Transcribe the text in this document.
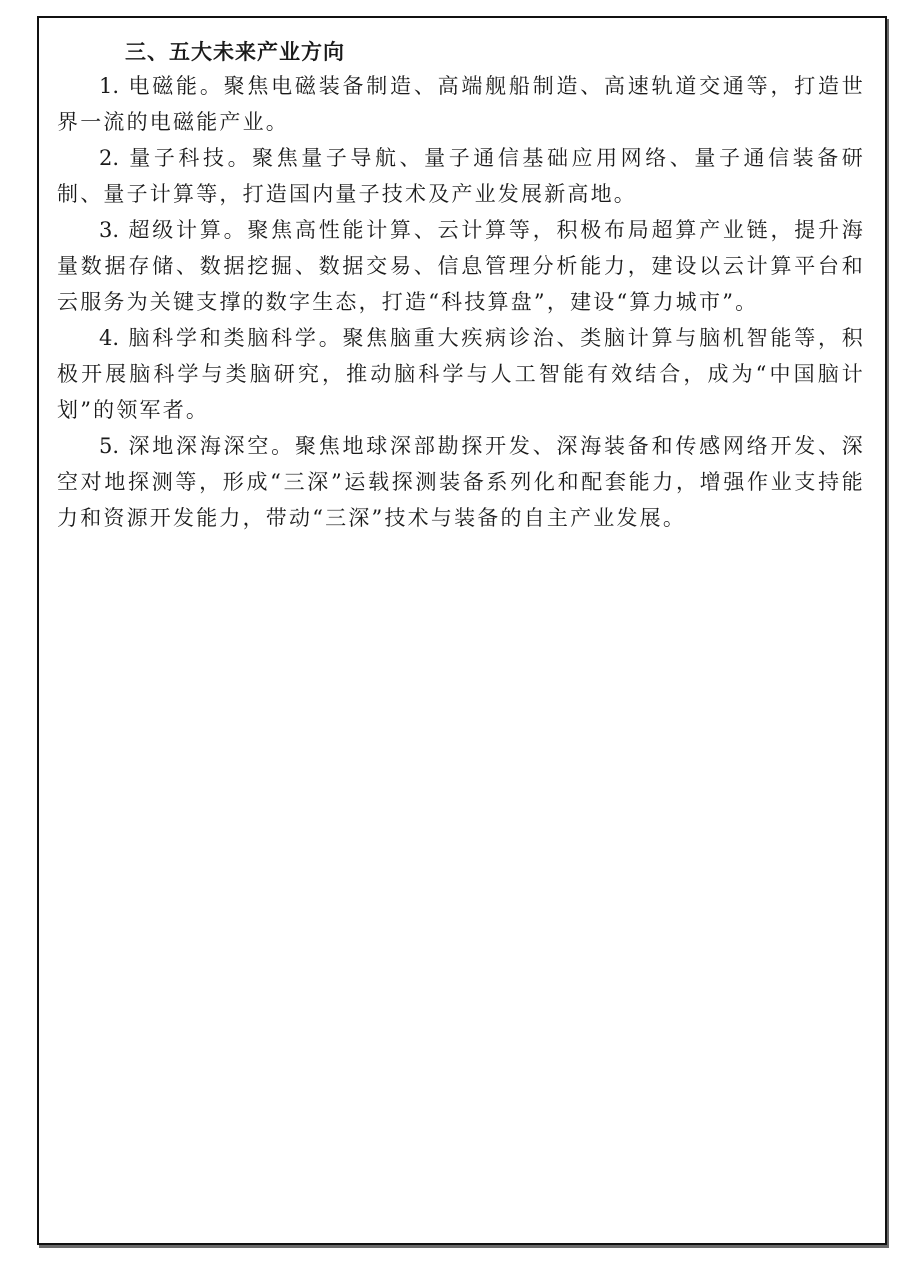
三、五大未来产业方向

1. 电磁能。聚焦电磁装备制造、高端舰船制造、高速轨道交通等，打造世界一流的电磁能产业。

2. 量子科技。聚焦量子导航、量子通信基础应用网络、量子通信装备研制、量子计算等，打造国内量子技术及产业发展新高地。

3. 超级计算。聚焦高性能计算、云计算等，积极布局超算产业链，提升海量数据存储、数据挖掘、数据交易、信息管理分析能力，建设以云计算平台和云服务为关键支撑的数字生态，打造“科技算盘”，建设“算力城市”。

4. 脑科学和类脑科学。聚焦脑重大疾病诊治、类脑计算与脑机智能等，积极开展脑科学与类脑研究，推动脑科学与人工智能有效结合，成为“中国脑计划”的领军者。

5. 深地深海深空。聚焦地球深部勘探开发、深海装备和传感网络开发、深空对地探测等，形成“三深”运载探测装备系列化和配套能力，增强作业支持能力和资源开发能力，带动“三深”技术与装备的自主产业发展。
